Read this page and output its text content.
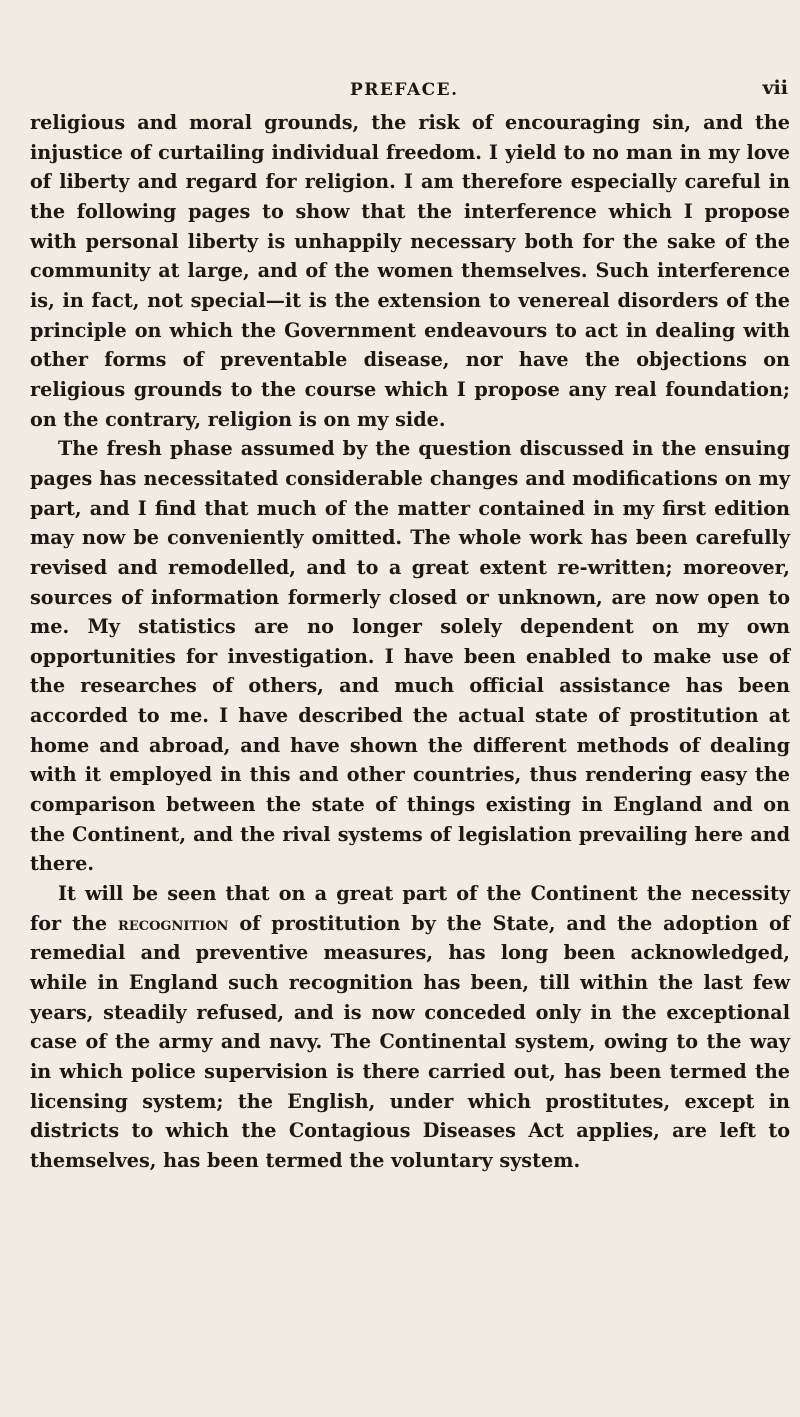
PREFACE.	vii

religious and moral grounds, the risk of encouraging sin, and the injustice of curtailing individual freedom. I yield to no man in my love of liberty and regard for religion. I am therefore especially careful in the following pages to show that the interference which I propose with personal liberty is unhappily necessary both for the sake of the community at large, and of the women themselves. Such interference is, in fact, not special—it is the extension to venereal disorders of the principle on which the Government endeavours to act in dealing with other forms of preventable disease, nor have the objections on religious grounds to the course which I propose any real foundation; on the contrary, religion is on my side.

The fresh phase assumed by the question discussed in the ensuing pages has necessitated considerable changes and modifications on my part, and I find that much of the matter contained in my first edition may now be conveniently omitted. The whole work has been carefully revised and remodelled, and to a great extent re-written; moreover, sources of information formerly closed or unknown, are now open to me. My statistics are no longer solely dependent on my own opportunities for investigation. I have been enabled to make use of the researches of others, and much official assistance has been accorded to me. I have described the actual state of prostitution at home and abroad, and have shown the different methods of dealing with it employed in this and other countries, thus rendering easy the comparison between the state of things existing in England and on the Continent, and the rival systems of legislation prevailing here and there.

It will be seen that on a great part of the Continent the necessity for the recognition of prostitution by the State, and the adoption of remedial and preventive measures, has long been acknowledged, while in England such recognition has been, till within the last few years, steadily refused, and is now conceded only in the exceptional case of the army and navy. The Continental system, owing to the way in which police supervision is there carried out, has been termed the licensing system; the English, under which prostitutes, except in districts to which the Contagious Diseases Act applies, are left to themselves, has been termed the voluntary system.
